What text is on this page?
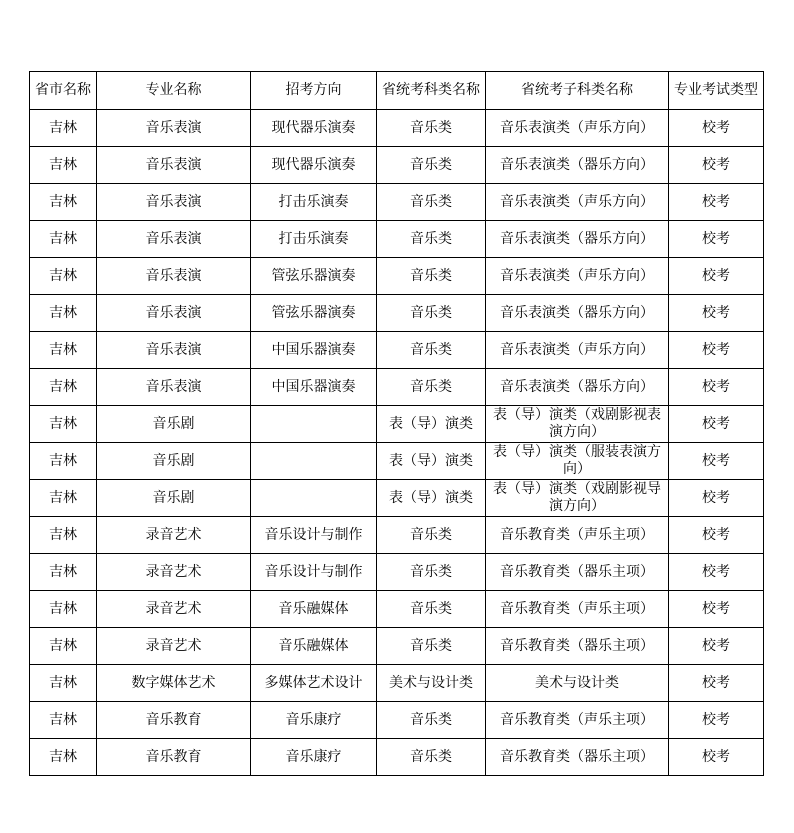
省市名称	专业名称	招考方向	省统考科类名称	省统考子科类名称	专业考试类型
吉林	音乐表演	现代器乐演奏	音乐类	音乐表演类（声乐方向）	校考
吉林	音乐表演	现代器乐演奏	音乐类	音乐表演类（器乐方向）	校考
吉林	音乐表演	打击乐演奏	音乐类	音乐表演类（声乐方向）	校考
吉林	音乐表演	打击乐演奏	音乐类	音乐表演类（器乐方向）	校考
吉林	音乐表演	管弦乐器演奏	音乐类	音乐表演类（声乐方向）	校考
吉林	音乐表演	管弦乐器演奏	音乐类	音乐表演类（器乐方向）	校考
吉林	音乐表演	中国乐器演奏	音乐类	音乐表演类（声乐方向）	校考
吉林	音乐表演	中国乐器演奏	音乐类	音乐表演类（器乐方向）	校考
吉林	音乐剧		表（导）演类	表（导）演类（戏剧影视表演方向）	校考
吉林	音乐剧		表（导）演类	表（导）演类（服装表演方向）	校考
吉林	音乐剧		表（导）演类	表（导）演类（戏剧影视导演方向）	校考
吉林	录音艺术	音乐设计与制作	音乐类	音乐教育类（声乐主项）	校考
吉林	录音艺术	音乐设计与制作	音乐类	音乐教育类（器乐主项）	校考
吉林	录音艺术	音乐融媒体	音乐类	音乐教育类（声乐主项）	校考
吉林	录音艺术	音乐融媒体	音乐类	音乐教育类（器乐主项）	校考
吉林	数字媒体艺术	多媒体艺术设计	美术与设计类	美术与设计类	校考
吉林	音乐教育	音乐康疗	音乐类	音乐教育类（声乐主项）	校考
吉林	音乐教育	音乐康疗	音乐类	音乐教育类（器乐主项）	校考
